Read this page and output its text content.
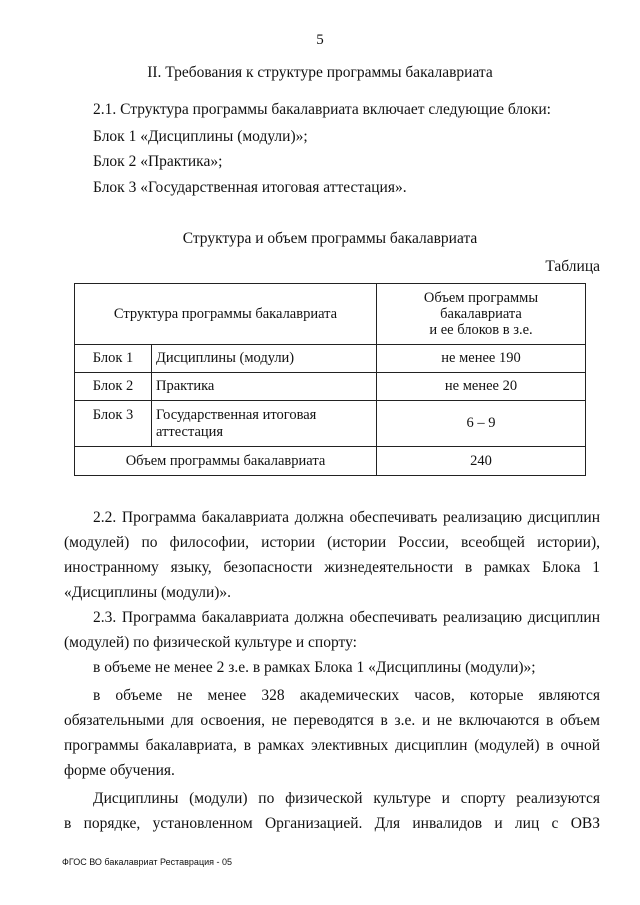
5
II. Требования к структуре программы бакалавриата
2.1. Структура программы бакалавриата включает следующие блоки:
Блок 1 «Дисциплины (модули)»;
Блок 2 «Практика»;
Блок 3 «Государственная итоговая аттестация».
Структура и объем программы бакалавриата
Таблица
Структура программы бакалавриата		Объем программы
бакалавриата
и ее блоков в з.е.
Блок 1	Дисциплины (модули)	не менее 190
Блок 2	Практика	не менее 20
Блок 3	Государственная итоговая аттестация	6 – 9
Объем программы бакалавриата		240
2.2. Программа бакалавриата должна обеспечивать реализацию дисциплин
(модулей) по философии, истории (истории России, всеобщей истории),
иностранному языку, безопасности жизнедеятельности в рамках Блока 1
«Дисциплины (модули)».
2.3. Программа бакалавриата должна обеспечивать реализацию дисциплин
(модулей) по физической культуре и спорту:
в объеме не менее 2 з.е. в рамках Блока 1 «Дисциплины (модули)»;
в объеме не менее 328 академических часов, которые являются
обязательными для освоения, не переводятся в з.е. и не включаются в объем
программы бакалавриата, в рамках элективных дисциплин (модулей) в очной
форме обучения.
Дисциплины (модули) по физической культуре и спорту реализуются
в порядке, установленном Организацией. Для инвалидов и лиц с ОВЗ
ФГОС ВО бакалавриат Реставрация - 05
